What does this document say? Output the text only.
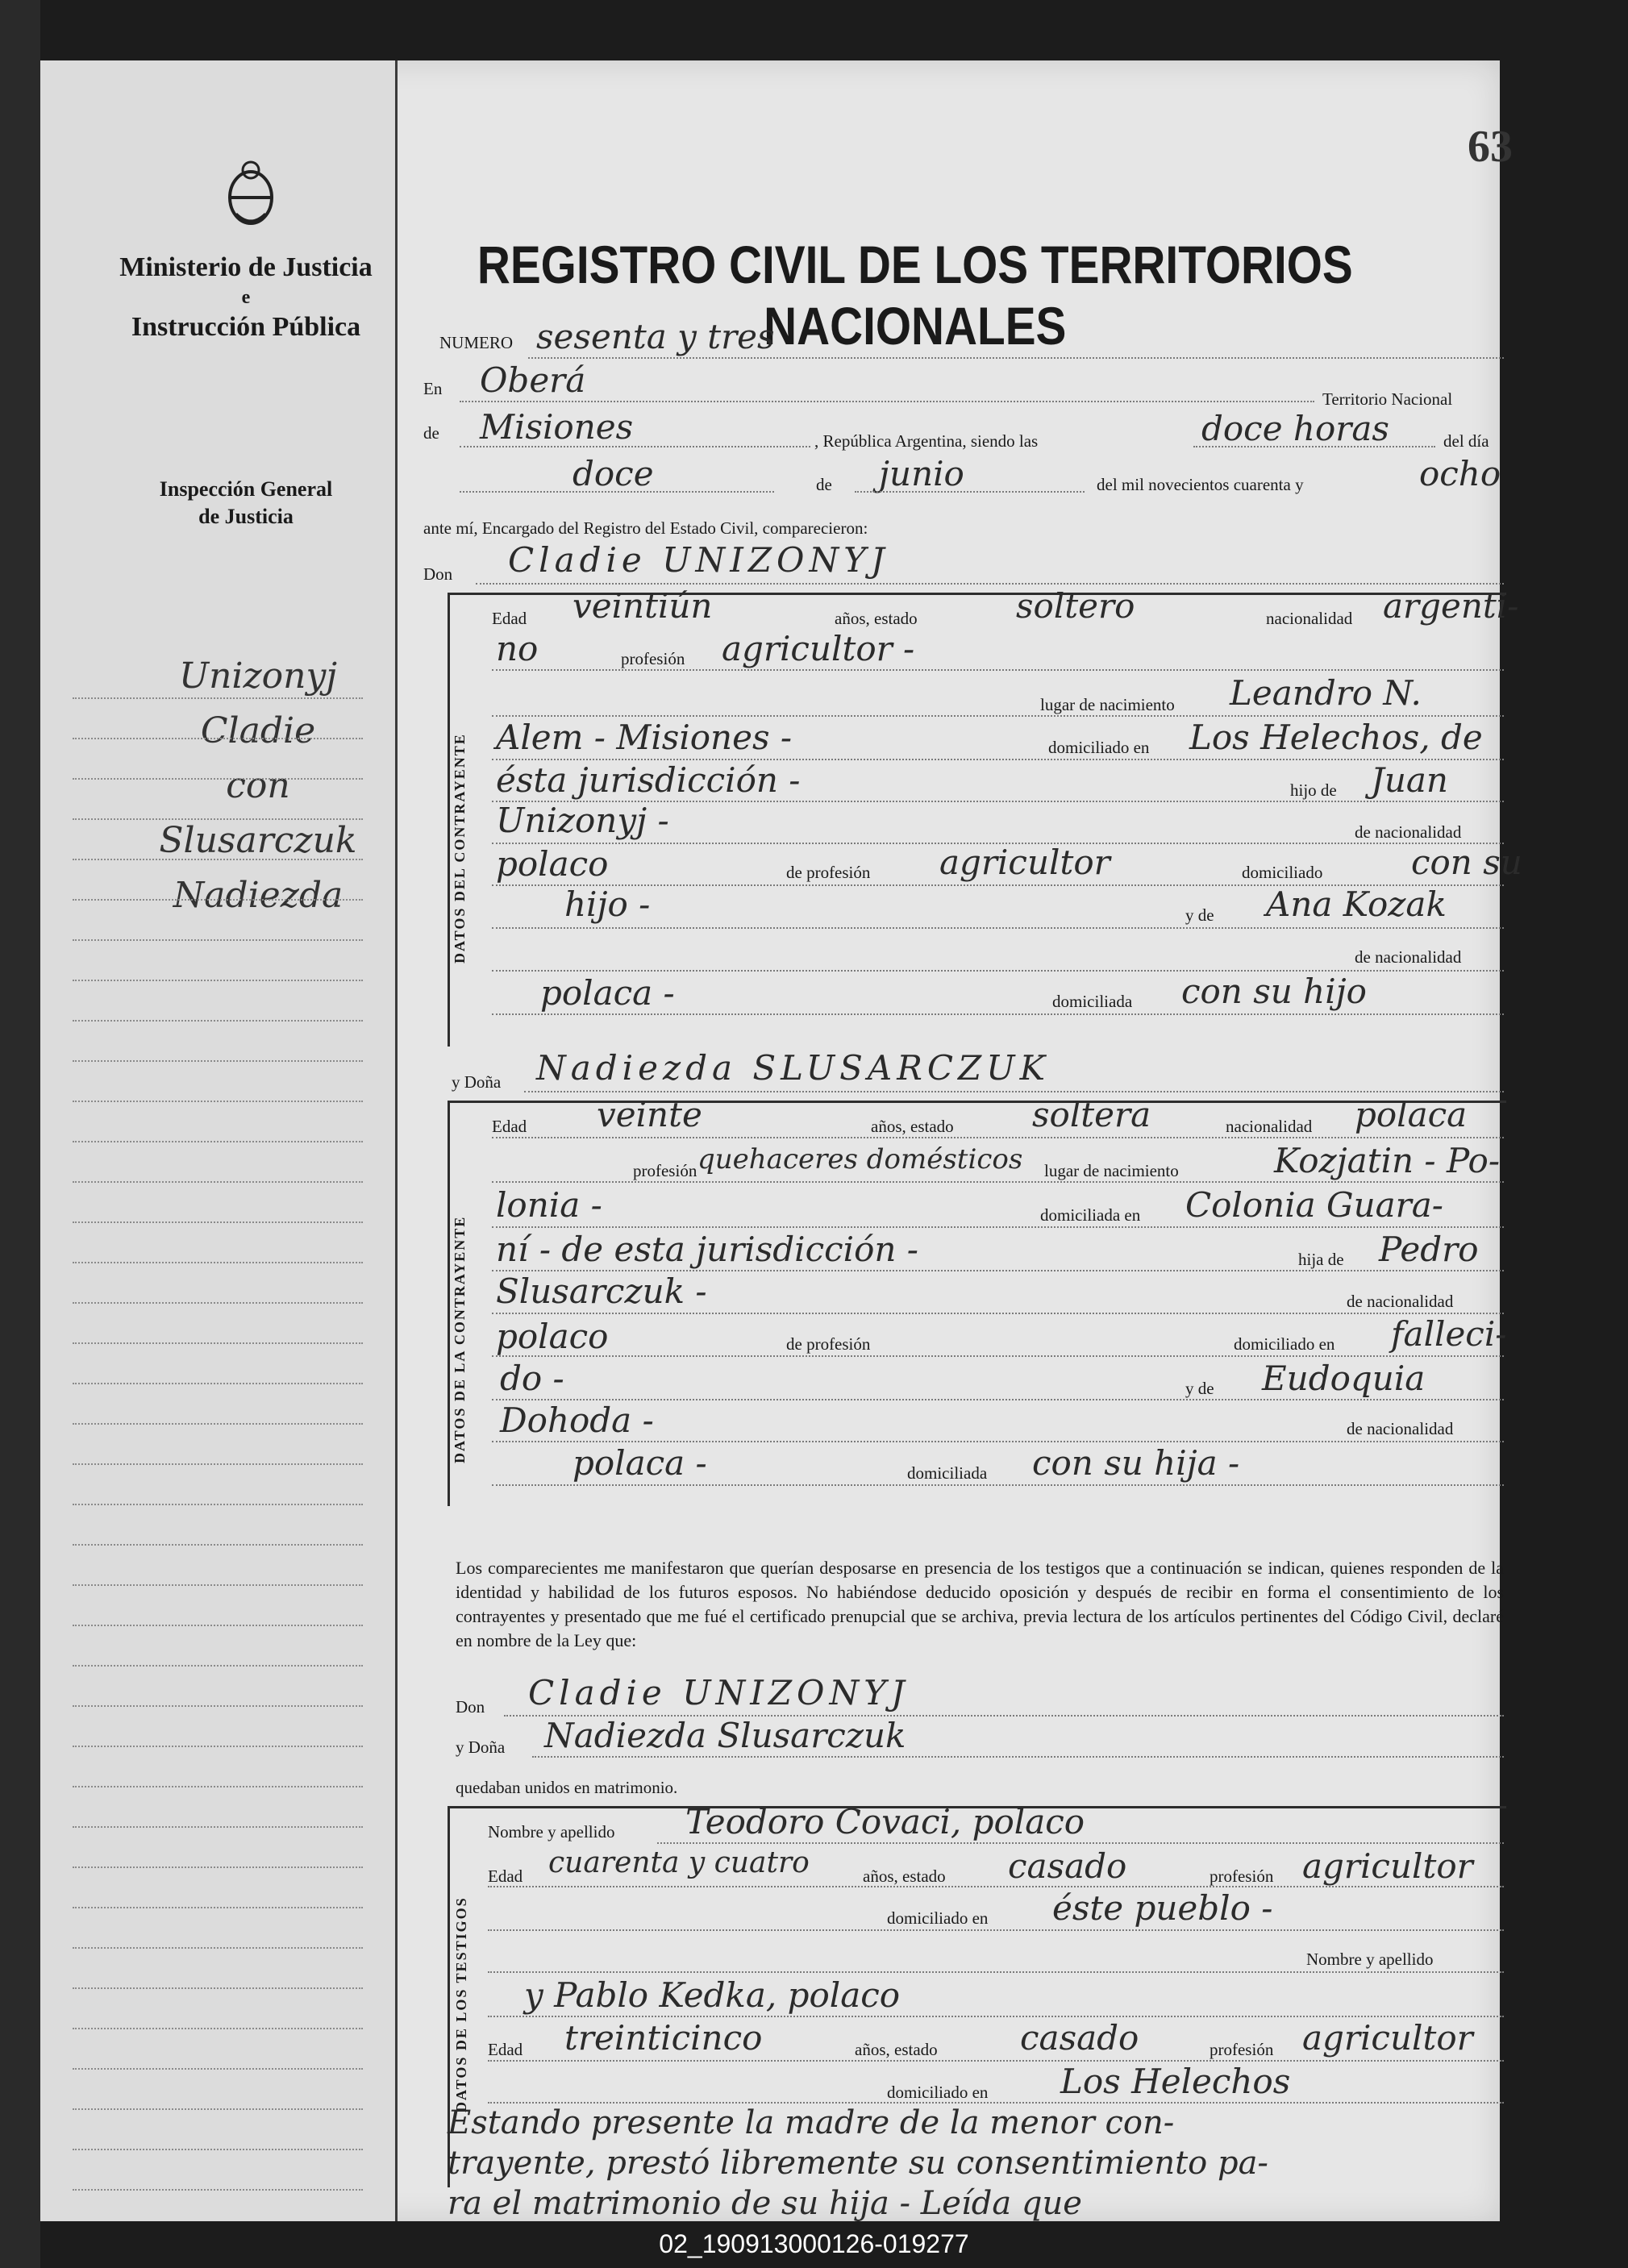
Ministerio de Justicia
e
Instrucción Pública
Inspección General
de Justicia
Unizonyj
Cladie
con
Slusarczuk
Nadiezda
63
REGISTRO CIVIL DE LOS TERRITORIOS NACIONALES
NUMERO sesenta y tres
En Oberá	Territorio Nacional
de Misiones	, República Argentina, siendo las	doce horas	del día
doce	de junio	del mil novecientos cuarenta y	ocho
ante mí, Encargado del Registro del Estado Civil, comparecieron:
Don Cladie UNIZONYJ
DATOS DEL CONTRAYENTE
Edad veintiún	años, estado	soltero	nacionalidad argenti-
no	profesión agricultor -
lugar de nacimiento Leandro N.
Alem - Misiones -	domiciliado en Los Helechos, de
ésta jurisdicción -	hijo de Juan
Unizonyj -	de nacionalidad
polaco	de profesión agricultor	domiciliado	con su
hijo -	y de Ana Kozak
de nacionalidad
polaca -	domiciliada con su hijo
y Doña Nadiezda SLUSARCZUK
DATOS DE LA CONTRAYENTE
Edad veinte	años, estado soltera	nacionalidad polaca
profesión quehaceres domésticos lugar de nacimiento	Kozjatin - Po-
lonia -	domiciliada en Colonia Guara-
ní - de esta jurisdicción -	hija de Pedro
Slusarczuk -	de nacionalidad
polaco	de profesión	domiciliado en falleci-
do -	y de Eudoquia
Dohoda -	de nacionalidad
polaca -	domiciliada con su hija -
Los comparecientes me manifestaron que querían desposarse en presencia de los testigos que a continuación se indican, quienes responden de la identidad y habilidad de los futuros esposos. No habiéndose deducido oposición y después de recibir en forma el consentimiento de los contrayentes y presentado que me fué el certificado prenupcial que se archiva, previa lectura de los artículos pertinentes del Código Civil, declaré en nombre de la Ley que:
Don Cladie UNIZONYJ
y Doña Nadiezda Slusarczuk
quedaban unidos en matrimonio.
DATOS DE LOS TESTIGOS
Nombre y apellido Teodoro Covaci, polaco
Edad cuarenta y cuatro	años, estado casado	profesión agricultor
domiciliado en éste pueblo -
Nombre y apellido
y Pablo Kedka, polaco
Edad treinticinco	años, estado casado	profesión agricultor
domiciliado en Los Helechos
Estando presente la madre de la menor con-
trayente, prestó libremente su consentimiento pa-
ra el matrimonio de su hija - Leída que
02_190913000126-019277
